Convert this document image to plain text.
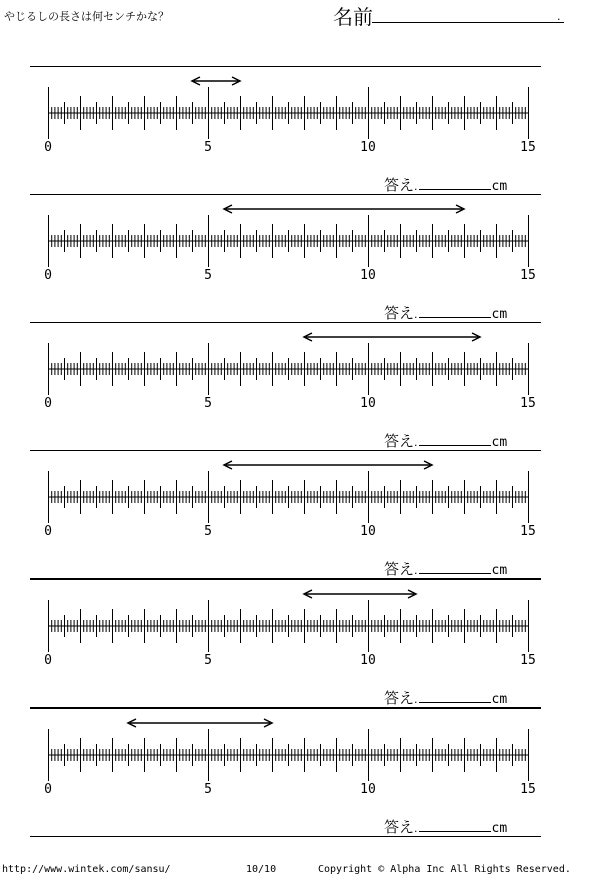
やじるしの長さは何センチかな？	名前	.
0	5	10	15
答え.	cm
0	5	10	15
答え.	cm
0	5	10	15
答え.	cm
0	5	10	15
答え.	cm
0	5	10	15
答え.	cm
0	5	10	15
答え.	cm
http://www.wintek.com/sansu/	10/10	Copyright © Alpha Inc All Rights Reserved.
